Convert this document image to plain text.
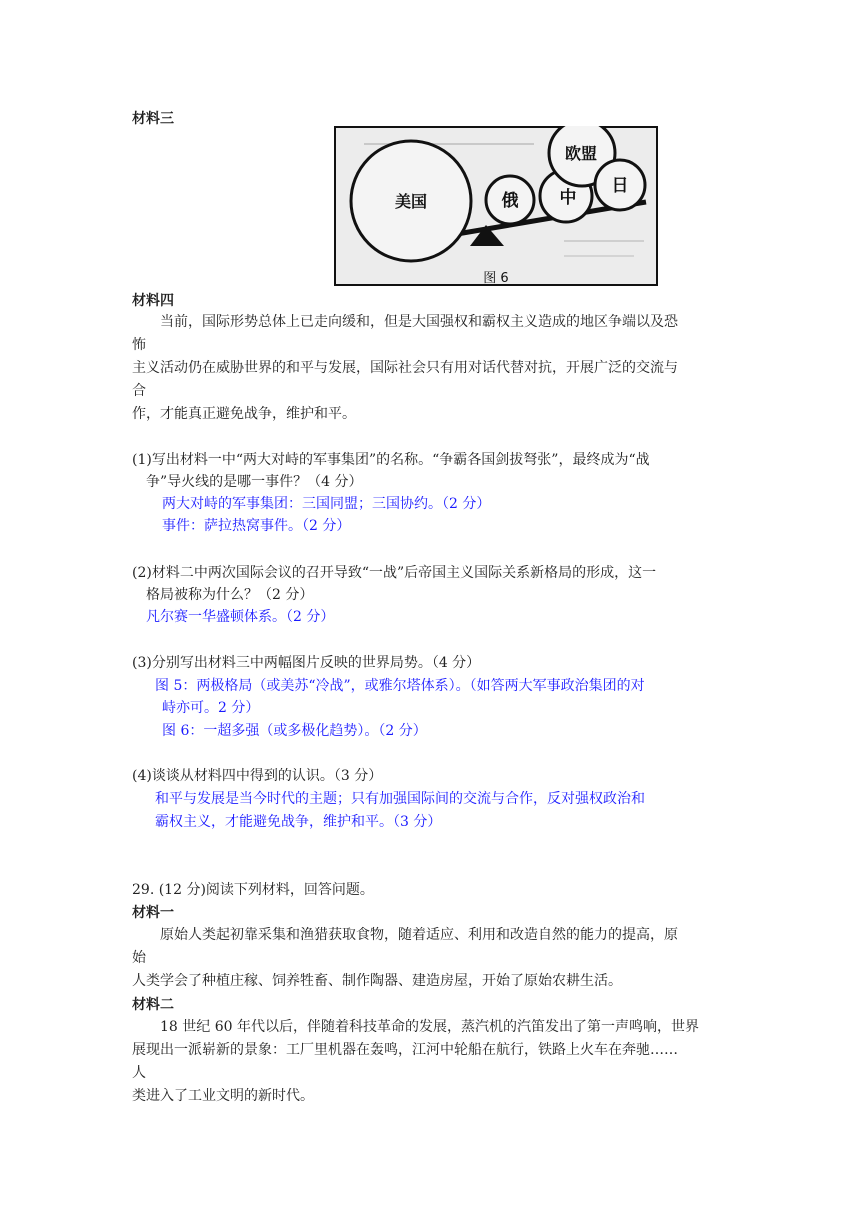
材料三
美国	俄 中
欧盟
日
图 6
材料四
当前，国际形势总体上已走向缓和，但是大国强权和霸权主义造成的地区争端以及恐
怖
主义活动仍在威胁世界的和平与发展，国际社会只有用对话代替对抗，开展广泛的交流与
合
作，才能真正避免战争，维护和平。
(1)写出材料一中“两大对峙的军事集团”的名称。“争霸各国剑拔弩张”，最终成为“战
争”导火线的是哪一事件？（4 分）
两大对峙的军事集团：三国同盟；三国协约。（2 分）
事件：萨拉热窝事件。（2 分）
(2)材料二中两次国际会议的召开导致“一战”后帝国主义国际关系新格局的形成，这一
格局被称为什么？（2 分）
凡尔赛一华盛顿体系。（2 分）
(3)分别写出材料三中两幅图片反映的世界局势。（4 分）
图 5：两极格局（或美苏“冷战”，或雅尔塔体系）。（如答两大军事政治集团的对
峙亦可。2 分）
图 6：一超多强（或多极化趋势）。（2 分）
(4)谈谈从材料四中得到的认识。（3 分）
和平与发展是当今时代的主题；只有加强国际间的交流与合作，反对强权政治和
霸权主义，才能避免战争，维护和平。（3 分）
29. (12 分)阅读下列材料，回答问题。
材料一
原始人类起初靠采集和渔猎获取食物，随着适应、利用和改造自然的能力的提高，原
始
人类学会了种植庄稼、饲养牲畜、制作陶器、建造房屋，开始了原始农耕生活。
材料二
18 世纪 60 年代以后，伴随着科技革命的发展，蒸汽机的汽笛发出了第一声鸣响，世界
展现出一派崭新的景象：工厂里机器在轰鸣，江河中轮船在航行，铁路上火车在奔驰……
人
类进入了工业文明的新时代。
